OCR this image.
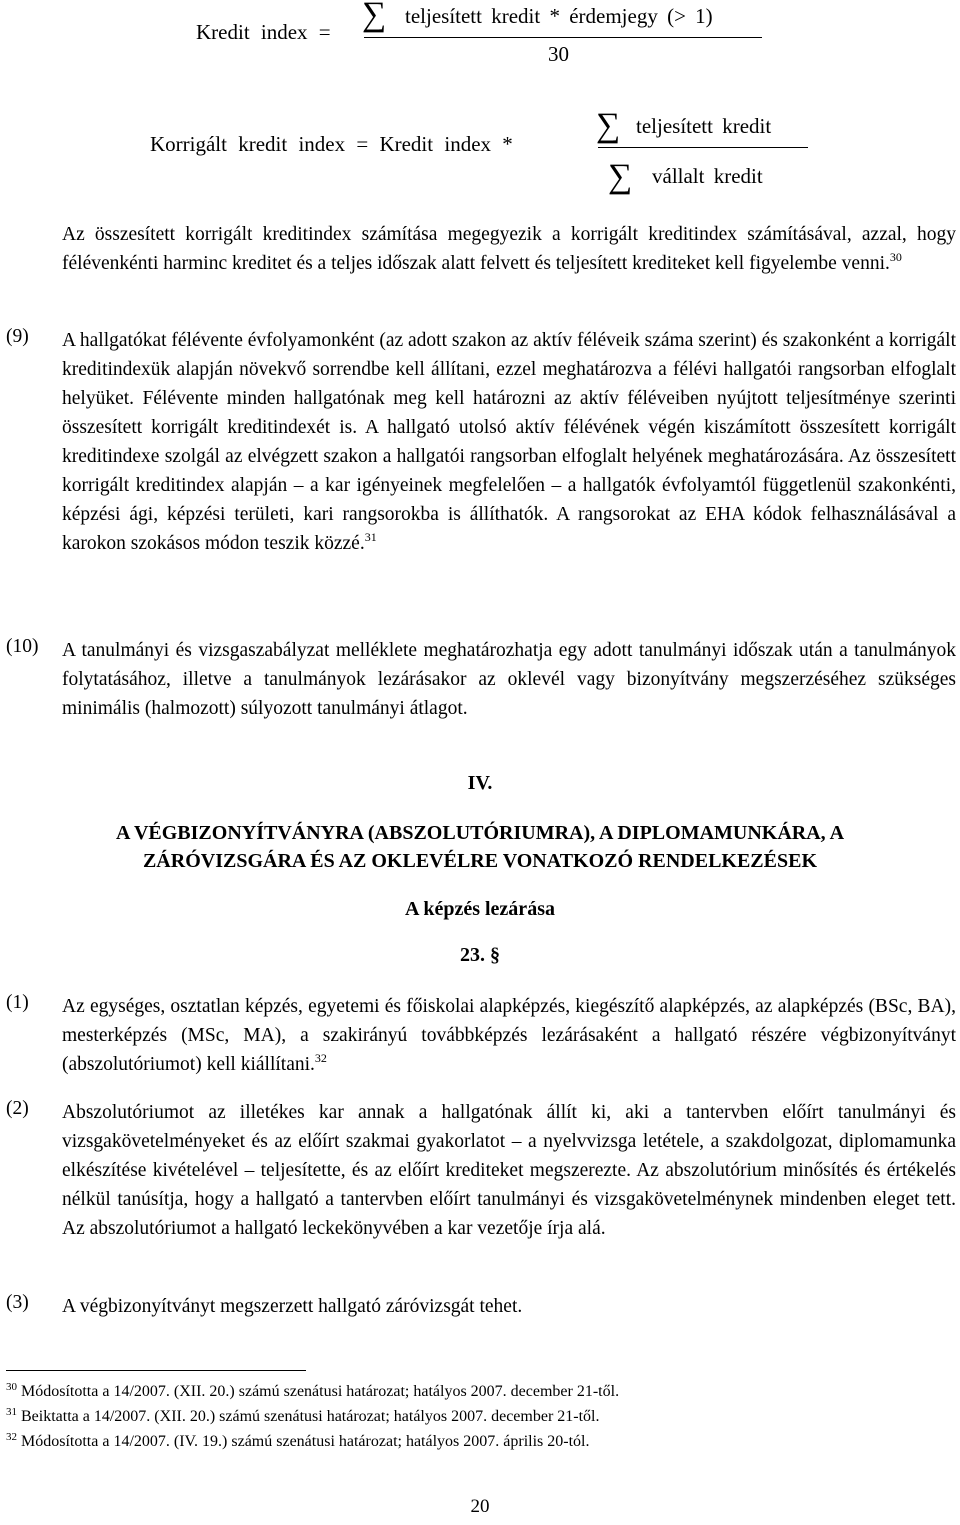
Kredit index = ∑ teljesített kredit * érdemjegy (> 1)
30
Korrigált kredit index = Kredit index * ∑ teljesített kredit
∑ vállalt kredit
Az összesített korrigált kreditindex számítása megegyezik a korrigált kreditindex számításával, azzal, hogy félévenkénti harminc kreditet és a teljes időszak alatt felvett és teljesített krediteket kell figyelembe venni.$^{30}$
(9) A hallgatókat félévente évfolyamonként (az adott szakon az aktív féléveik száma szerint) és szakonként a korrigált kreditindexük alapján növekvő sorrendbe kell állítani, ezzel meghatározva a félévi hallgatói rangsorban elfoglalt helyüket. Félévente minden hallgatónak meg kell határozni az aktív féléveiben nyújtott teljesítménye szerinti összesített korrigált kreditindexét is. A hallgató utolsó aktív félévének végén kiszámított összesített korrigált kreditindexe szolgál az elvégzett szakon a hallgatói rangsorban elfoglalt helyének meghatározására. Az összesített korrigált kreditindex alapján – a kar igényeinek megfelelően – a hallgatók évfolyamtól függetlenül szakonkénti, képzési ági, képzési területi, kari rangsorokba is állíthatók. A rangsorokat az EHA kódok felhasználásával a karokon szokásos módon teszik közzé.$^{31}$
(10) A tanulmányi és vizsgaszabályzat melléklete meghatározhatja egy adott tanulmányi időszak után a tanulmányok folytatásához, illetve a tanulmányok lezárásakor az oklevél vagy bizonyítvány megszerzéséhez szükséges minimális (halmozott) súlyozott tanulmányi átlagot.
IV.
A VÉGBIZONYÍTVÁNYRA (ABSZOLUTÓRIUMRA), A DIPLOMAMUNKÁRA, A
ZÁRÓVIZSGÁRA ÉS AZ OKLEVÉLRE VONATKOZÓ RENDELKEZÉSEK
A képzés lezárása
23. §
(1) Az egységes, osztatlan képzés, egyetemi és főiskolai alapképzés, kiegészítő alapképzés, az alapképzés (BSc, BA), mesterképzés (MSc, MA), a szakirányú továbbképzés lezárásaként a hallgató részére végbizonyítványt (abszolutóriumot) kell kiállítani.$^{32}$
(2) Abszolutóriumot az illetékes kar annak a hallgatónak állít ki, aki a tantervben előírt tanulmányi és vizsgakövetelményeket és az előírt szakmai gyakorlatot – a nyelvvizsga letétele, a szakdolgozat, diplomamunka elkészítése kivételével – teljesítette, és az előírt krediteket megszerezte. Az abszolutórium minősítés és értékelés nélkül tanúsítja, hogy a hallgató a tantervben előírt tanulmányi és vizsgakövetelménynek mindenben eleget tett. Az abszolutóriumot a hallgató leckekönyvében a kar vezetője írja alá.
(3) A végbizonyítványt megszerzett hallgató záróvizsgát tehet.
$^{30}$ Módosította a 14/2007. (XII. 20.) számú szenátusi határozat; hatályos 2007. december 21-től.
$^{31}$ Beiktatta a 14/2007. (XII. 20.) számú szenátusi határozat; hatályos 2007. december 21-től.
$^{32}$ Módosította a 14/2007. (IV. 19.) számú szenátusi határozat; hatályos 2007. április 20-tól.
20
